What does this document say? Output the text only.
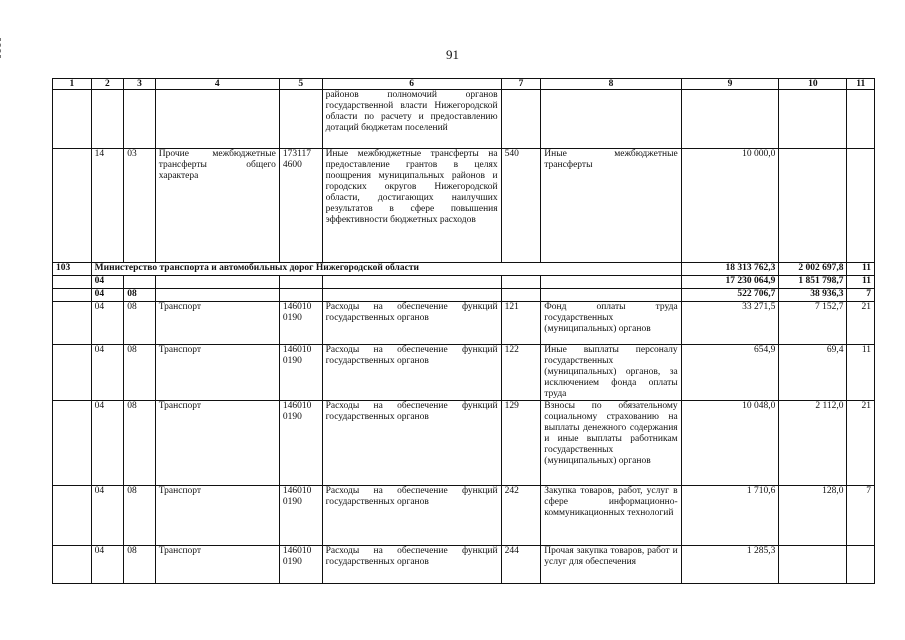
91
1	2	3	4	5	6	7	8	9	10	11
					районов полномочий органов государственной власти Нижегородской области по расчету и предоставлению дотаций бюджетам поселений					
	14	03	Прочие межбюджетные трансферты общего характера	173117 4600	Иные межбюджетные трансферты на предоставление грантов в целях поощрения муниципальных районов и городских округов Нижегородской области, достигающих наилучших результатов в сфере повышения эффективности бюджетных расходов	540	Иные межбюджетные трансферты	10 000,0		
103	Министерство транспорта и автомобильных дорог Нижегородской области							18 313 762,3	2 002 697,8	11
	04							17 230 064,9	1 851 798,7	11
	04	08						522 706,7	38 936,3	7
	04	08	Транспорт	146010 0190	Расходы на обеспечение функций государственных органов	121	Фонд оплаты труда государственных (муниципальных) органов	33 271,5	7 152,7	21
	04	08	Транспорт	146010 0190	Расходы на обеспечение функций государственных органов	122	Иные выплаты персоналу государственных (муниципальных) органов, за исключением фонда оплаты труда	654,9	69,4	11
	04	08	Транспорт	146010 0190	Расходы на обеспечение функций государственных органов	129	Взносы по обязательному социальному страхованию на выплаты денежного содержания и иные выплаты работникам государственных (муниципальных) органов	10 048,0	2 112,0	21
	04	08	Транспорт	146010 0190	Расходы на обеспечение функций государственных органов	242	Закупка товаров, работ, услуг в сфере информационно-коммуникационных технологий	1 710,6	128,0	7
	04	08	Транспорт	146010 0190	Расходы на обеспечение функций государственных органов	244	Прочая закупка товаров, работ и услуг для обеспечения	1 285,3		
